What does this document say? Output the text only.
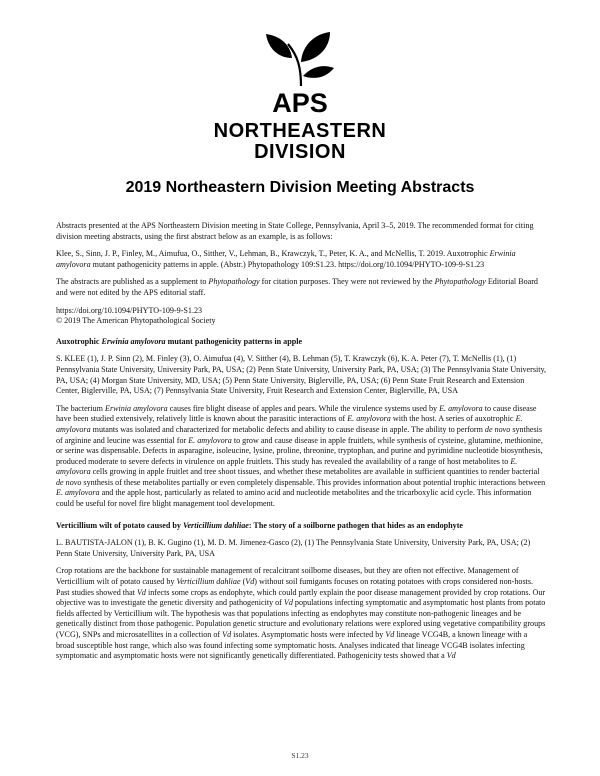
APS
NORTHEASTERN
DIVISION
2019 Northeastern Division Meeting Abstracts

Abstracts presented at the APS Northeastern Division meeting in State College, Pennsylvania, April 3–5, 2019. The recommended format for citing division meeting abstracts, using the first abstract below as an example, is as follows:

Klee, S., Sinn, J. P., Finley, M., Aimufua, O., Sitther, V., Lehman, B., Krawczyk, T., Peter, K. A., and McNellis, T. 2019. Auxotrophic Erwinia amylovora mutant pathogenicity patterns in apple. (Abstr.) Phytopathology 109:S1.23. https://doi.org/10.1094/PHYTO-109-9-S1.23

The abstracts are published as a supplement to Phytopathology for citation purposes. They were not reviewed by the Phytopathology Editorial Board and were not edited by the APS editorial staff.

https://doi.org/10.1094/PHYTO-109-9-S1.23
© 2019 The American Phytopathological Society

Auxotrophic Erwinia amylovora mutant pathogenicity patterns in apple

S. KLEE (1), J. P. Sinn (2), M. Finley (3), O. Aimufua (4), V. Sitther (4), B. Lehman (5), T. Krawczyk (6), K. A. Peter (7), T. McNellis (1), (1) Pennsylvania State University, University Park, PA, USA; (2) Penn State University, University Park, PA, USA; (3) The Pennsylvania State University, PA, USA; (4) Morgan State University, MD, USA; (5) Penn State University, Biglerville, PA, USA; (6) Penn State Fruit Research and Extension Center, Biglerville, PA, USA; (7) Pennsylvania State University, Fruit Research and Extension Center, Biglerville, PA, USA

The bacterium Erwinia amylovora causes fire blight disease of apples and pears. While the virulence systems used by E. amylovora to cause disease have been studied extensively, relatively little is known about the parasitic interactions of E. amylovora with the host. A series of auxotrophic E. amylovora mutants was isolated and characterized for metabolic defects and ability to cause disease in apple. The ability to perform de novo synthesis of arginine and leucine was essential for E. amylovora to grow and cause disease in apple fruitlets, while synthesis of cysteine, glutamine, methionine, or serine was dispensable. Defects in asparagine, isoleucine, lysine, proline, threonine, tryptophan, and purine and pyrimidine nucleotide biosynthesis, produced moderate to severe defects in virulence on apple fruitlets. This study has revealed the availability of a range of host metabolites to E. amylovora cells growing in apple fruitlet and tree shoot tissues, and whether these metabolites are available in sufficient quantities to render bacterial de novo synthesis of these metabolites partially or even completely dispensable. This provides information about potential trophic interactions between E. amylovora and the apple host, particularly as related to amino acid and nucleotide metabolites and the tricarboxylic acid cycle. This information could be useful for novel fire blight management tool development.

Verticillium wilt of potato caused by Verticillium dahliae: The story of a soilborne pathogen that hides as an endophyte

L. BAUTISTA-JALON (1), B. K. Gugino (1), M. D. M. Jimenez-Gasco (2), (1) The Pennsylvania State University, University Park, PA, USA; (2) Penn State University, University Park, PA, USA

Crop rotations are the backbone for sustainable management of recalcitrant soilborne diseases, but they are often not effective. Management of Verticillium wilt of potato caused by Verticillium dahliae (Vd) without soil fumigants focuses on rotating potatoes with crops considered non-hosts. Past studies showed that Vd infects some crops as endophyte, which could partly explain the poor disease management provided by crop rotations. Our objective was to investigate the genetic diversity and pathogenicity of Vd populations infecting symptomatic and asymptomatic host plants from potato fields affected by Verticillium wilt. The hypothesis was that populations infecting as endophytes may constitute non-pathogenic lineages and be genetically distinct from those pathogenic. Population genetic structure and evolutionary relations were explored using vegetative compatibility groups (VCG), SNPs and microsatellites in a collection of Vd isolates. Asymptomatic hosts were infected by Vd lineage VCG4B, a known lineage with a broad susceptible host range, which also was found infecting some symptomatic hosts. Analyses indicated that lineage VCG4B isolates infecting symptomatic and asymptomatic hosts were not significantly genetically differentiated. Pathogenicity tests showed that a Vd

S1.23
